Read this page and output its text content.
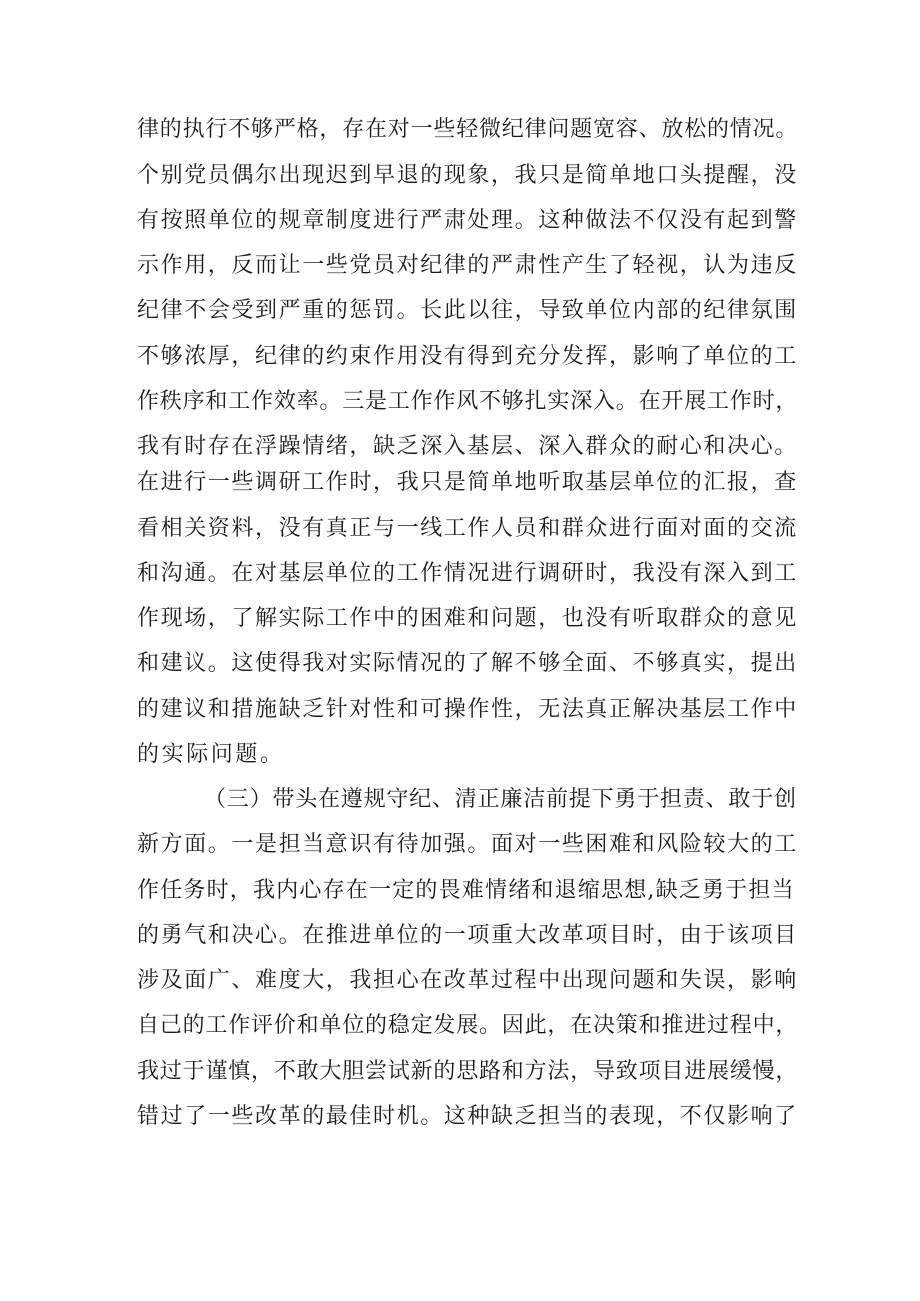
律的执行不够严格，存在对一些轻微纪律问题宽容、放松的情况。
个别党员偶尔出现迟到早退的现象，我只是简单地口头提醒，没
有按照单位的规章制度进行严肃处理。这种做法不仅没有起到警
示作用，反而让一些党员对纪律的严肃性产生了轻视，认为违反
纪律不会受到严重的惩罚。长此以往，导致单位内部的纪律氛围
不够浓厚，纪律的约束作用没有得到充分发挥，影响了单位的工
作秩序和工作效率。三是工作作风不够扎实深入。在开展工作时，
我有时存在浮躁情绪，缺乏深入基层、深入群众的耐心和决心。
在进行一些调研工作时，我只是简单地听取基层单位的汇报，查
看相关资料，没有真正与一线工作人员和群众进行面对面的交流
和沟通。在对基层单位的工作情况进行调研时，我没有深入到工
作现场，了解实际工作中的困难和问题，也没有听取群众的意见
和建议。这使得我对实际情况的了解不够全面、不够真实，提出
的建议和措施缺乏针对性和可操作性，无法真正解决基层工作中
的实际问题。
（三）带头在遵规守纪、清正廉洁前提下勇于担责、敢于创
新方面。一是担当意识有待加强。面对一些困难和风险较大的工
作任务时，我内心存在一定的畏难情绪和退缩思想,缺乏勇于担当
的勇气和决心。在推进单位的一项重大改革项目时，由于该项目
涉及面广、难度大，我担心在改革过程中出现问题和失误，影响
自己的工作评价和单位的稳定发展。因此，在决策和推进过程中，
我过于谨慎，不敢大胆尝试新的思路和方法，导致项目进展缓慢，
错过了一些改革的最佳时机。这种缺乏担当的表现，不仅影响了
